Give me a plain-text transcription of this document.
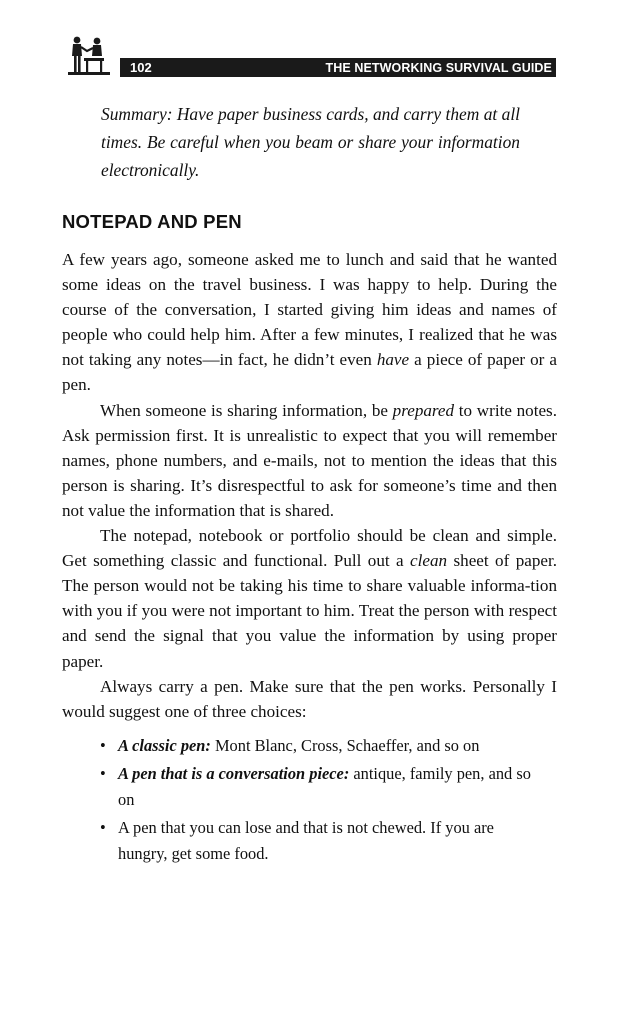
102	THE NETWORKING SURVIVAL GUIDE

Summary: Have paper business cards, and carry them at all times. Be careful when you beam or share your information electronically.

NOTEPAD AND PEN

A few years ago, someone asked me to lunch and said that he wanted some ideas on the travel business. I was happy to help. During the course of the conversation, I started giving him ideas and names of people who could help him. After a few minutes, I realized that he was not taking any notes—in fact, he didn’t even have a piece of paper or a pen.

When someone is sharing information, be prepared to write notes. Ask permission first. It is unrealistic to expect that you will remember names, phone numbers, and e-mails, not to mention the ideas that this person is sharing. It’s disrespectful to ask for someone’s time and then not value the information that is shared.

The notepad, notebook or portfolio should be clean and simple. Get something classic and functional. Pull out a clean sheet of paper. The person would not be taking his time to share valuable informa-tion with you if you were not important to him. Treat the person with respect and send the signal that you value the information by using proper paper.

Always carry a pen. Make sure that the pen works. Personally I would suggest one of three choices:

• A classic pen: Mont Blanc, Cross, Schaeffer, and so on
• A pen that is a conversation piece: antique, family pen, and so on
• A pen that you can lose and that is not chewed. If you are hungry, get some food.
